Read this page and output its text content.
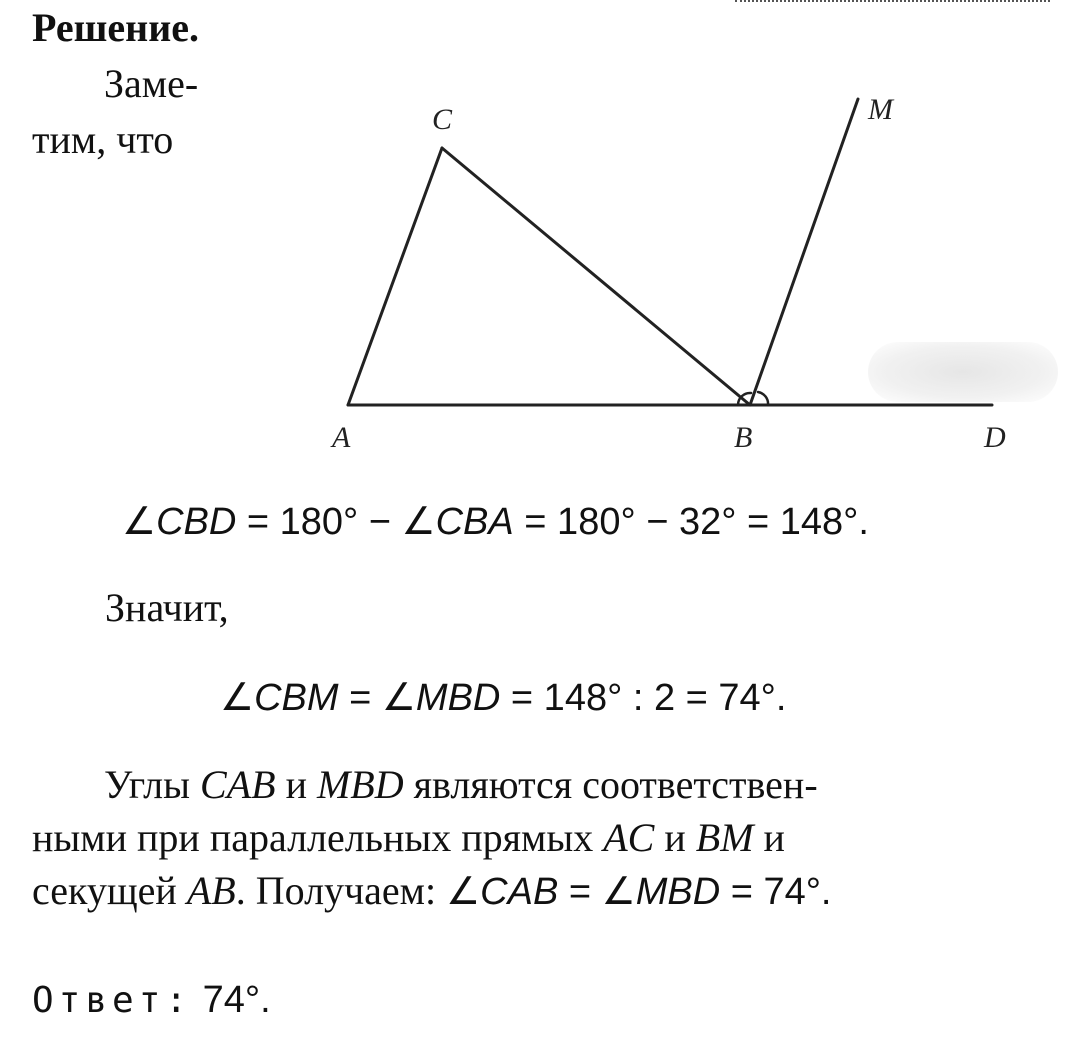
Решение.
Заме-
тим, что	C	M
A	B	D
∠CBD = 180° − ∠CBA = 180° − 32° = 148°.
Значит,
∠CBM = ∠MBD = 148° : 2 = 74°.
Углы CAB и MBD являются соответствен-
ными при параллельных прямых AC и BM и
секущей AB. Получаем: ∠CAB = ∠MBD = 74°.
Ответ: 74°.
